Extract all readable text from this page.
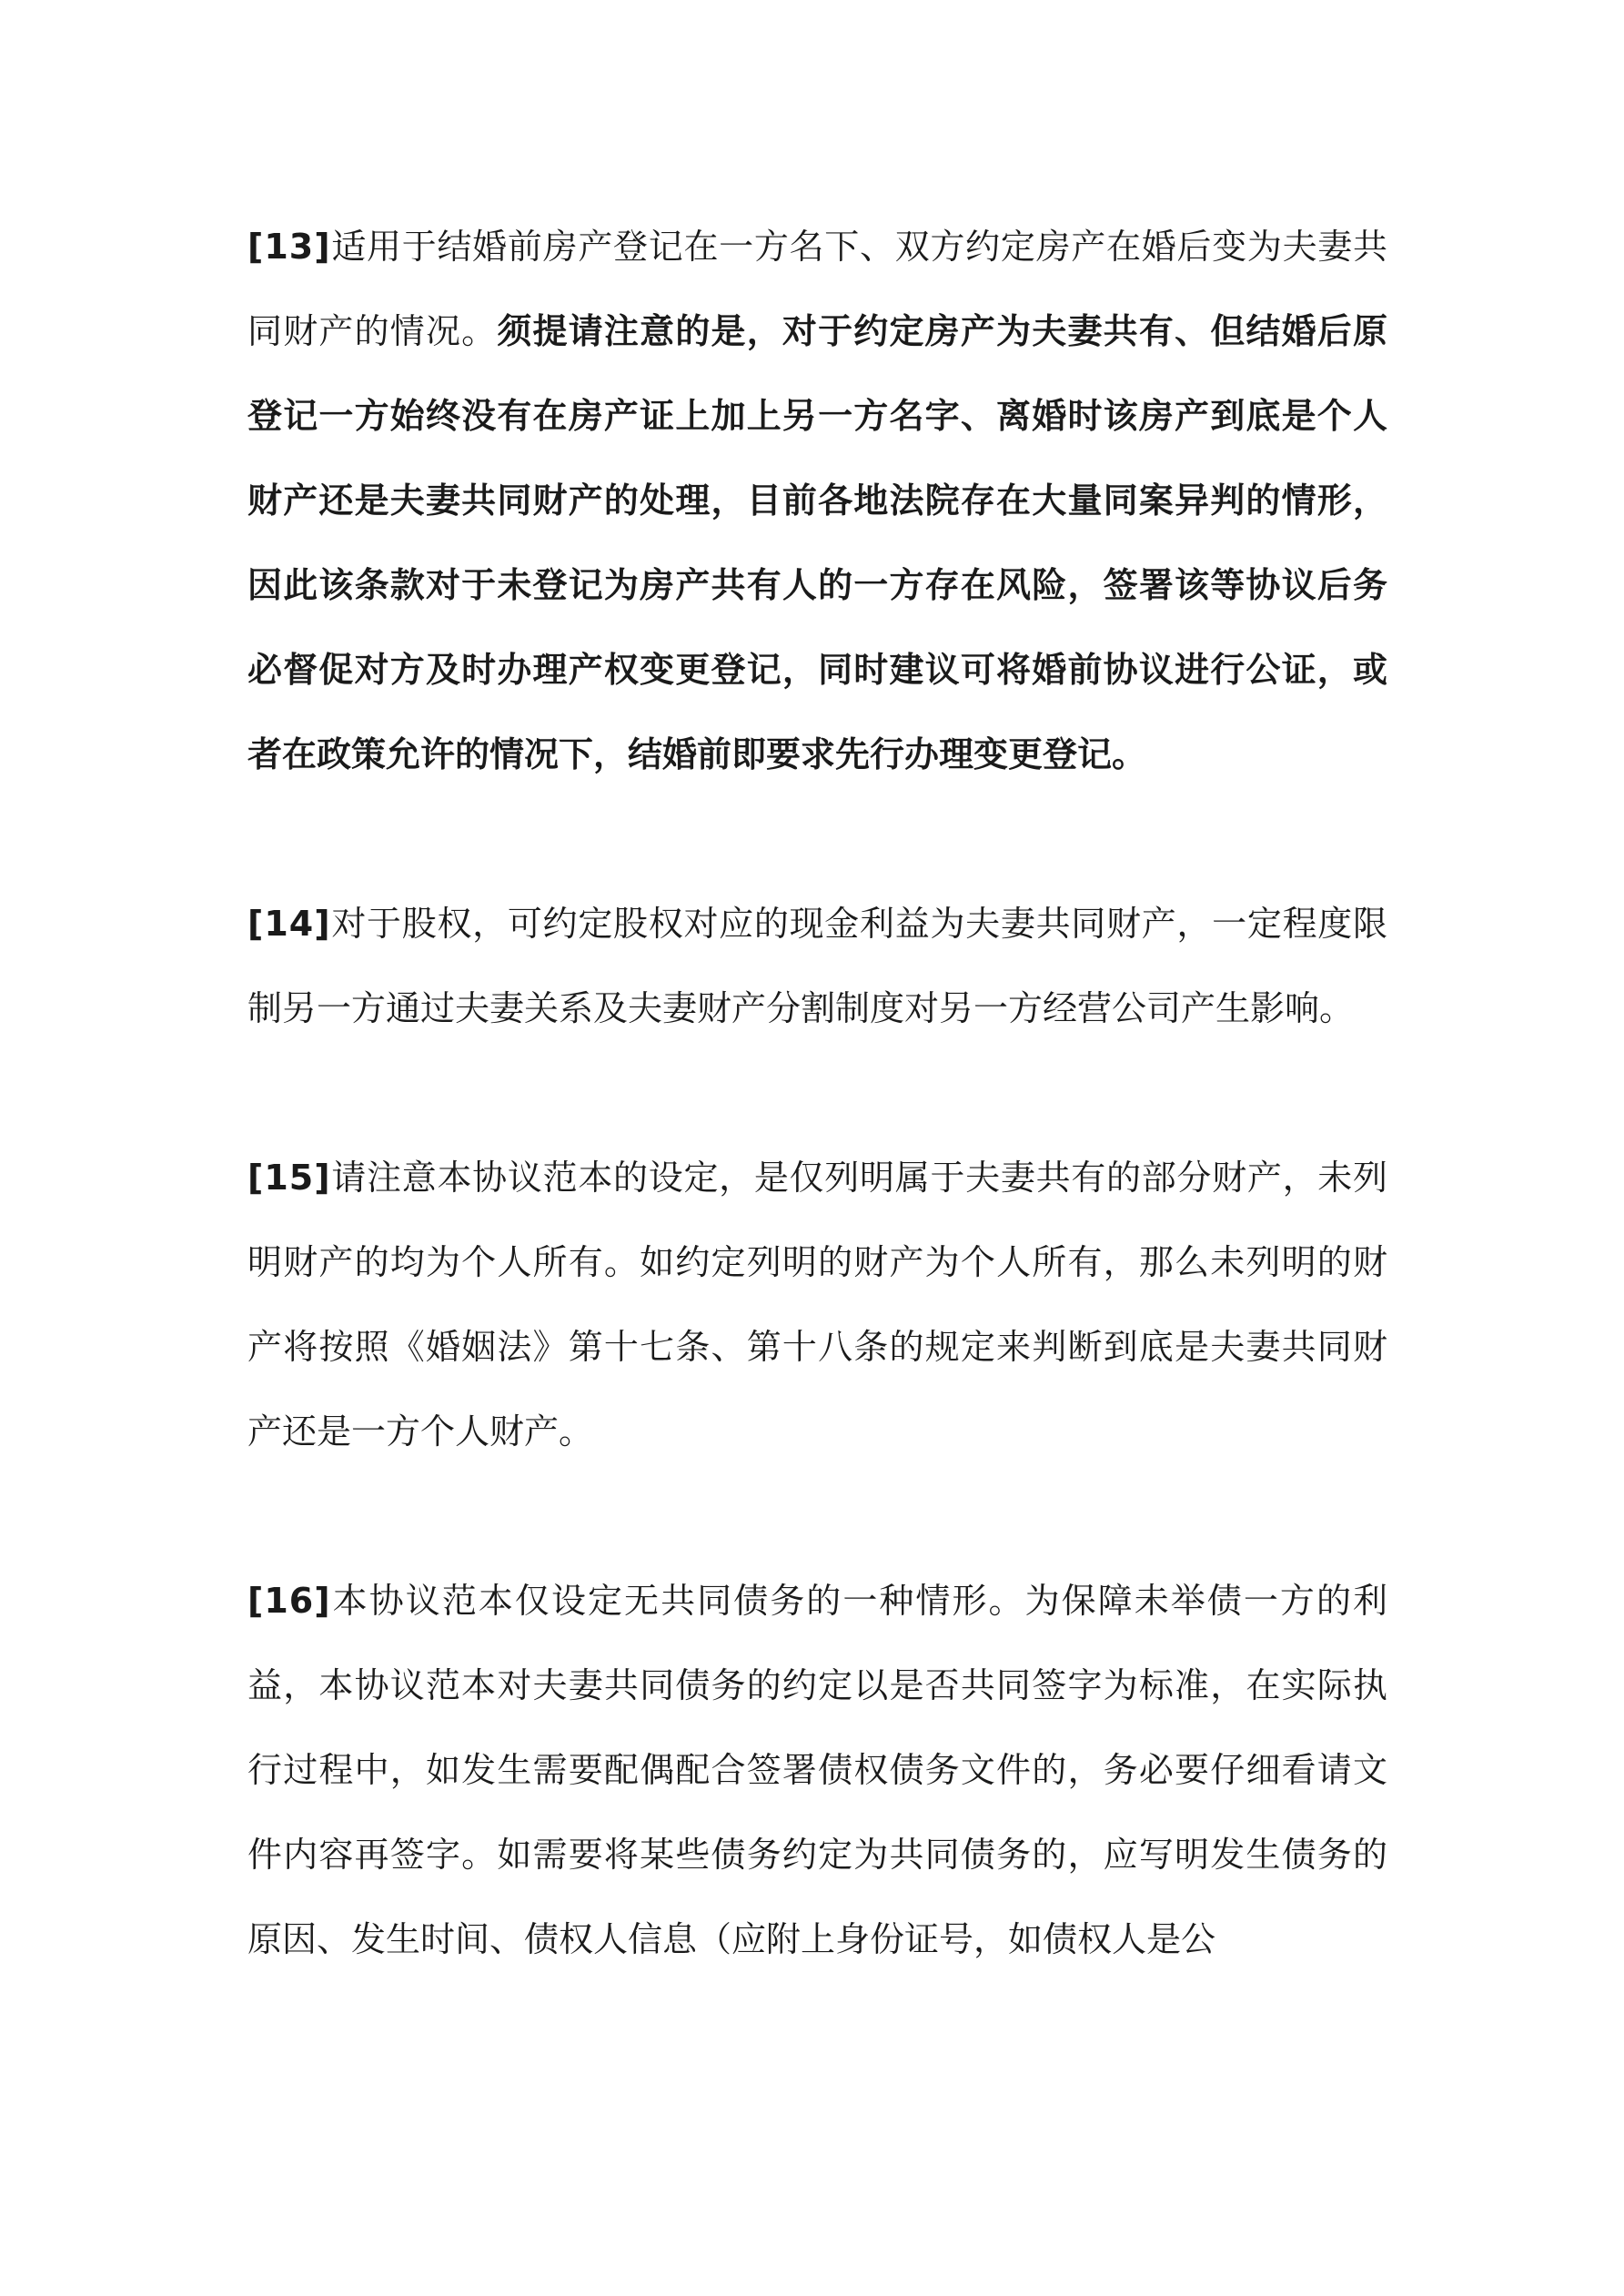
[13]适用于结婚前房产登记在一方名下、双方约定房产在婚后变为夫妻共同财产的情况。须提请注意的是，对于约定房产为夫妻共有、但结婚后原登记一方始终没有在房产证上加上另一方名字、离婚时该房产到底是个人财产还是夫妻共同财产的处理，目前各地法院存在大量同案异判的情形，因此该条款对于未登记为房产共有人的一方存在风险，签署该等协议后务必督促对方及时办理产权变更登记，同时建议可将婚前协议进行公证，或者在政策允许的情况下，结婚前即要求先行办理变更登记。

[14]对于股权，可约定股权对应的现金利益为夫妻共同财产，一定程度限制另一方通过夫妻关系及夫妻财产分割制度对另一方经营公司产生影响。

[15]请注意本协议范本的设定，是仅列明属于夫妻共有的部分财产，未列明财产的均为个人所有。如约定列明的财产为个人所有，那么未列明的财产将按照《婚姻法》第十七条、第十八条的规定来判断到底是夫妻共同财产还是一方个人财产。

[16]本协议范本仅设定无共同债务的一种情形。为保障未举债一方的利益，本协议范本对夫妻共同债务的约定以是否共同签字为标准，在实际执行过程中，如发生需要配偶配合签署债权债务文件的，务必要仔细看请文件内容再签字。如需要将某些债务约定为共同债务的，应写明发生债务的原因、发生时间、债权人信息（应附上身份证号，如债权人是公
